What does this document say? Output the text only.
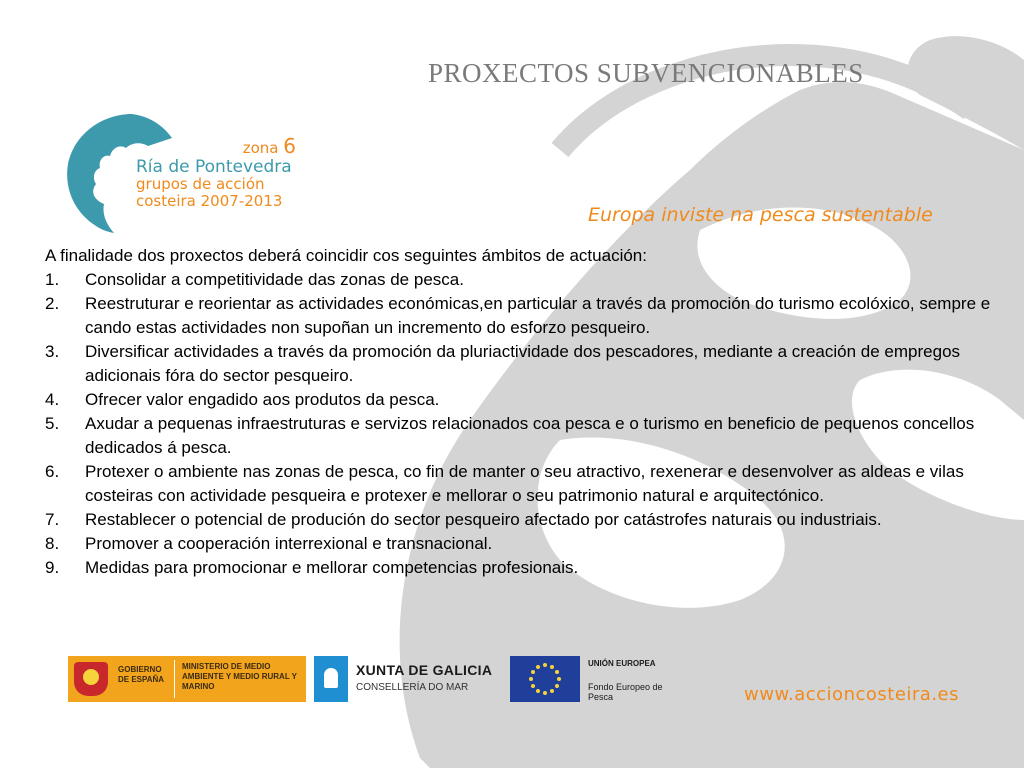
PROXECTOS SUBVENCIONABLES
zona 6
Ría de Pontevedra
grupos de acción
costeira 2007-2013
Europa inviste na pesca sustentable

A finalidade dos proxectos deberá coincidir cos seguintes ámbitos de actuación:

1. Consolidar a competitividade das zonas de pesca.
2. Reestruturar e reorientar as actividades económicas,en particular a través da promoción do turismo ecolóxico, sempre e cando estas actividades non supoñan un incremento do esforzo pesqueiro.
3. Diversificar actividades a través da promoción da pluriactividade dos pescadores, mediante a creación de empregos adicionais fóra do sector pesqueiro.
4. Ofrecer valor engadido aos produtos da pesca.
5. Axudar a pequenas infraestruturas e servizos relacionados coa pesca e o turismo en beneficio de pequenos concellos dedicados á pesca.
6. Protexer o ambiente nas zonas de pesca, co fin de manter o seu atractivo, rexenerar e desenvolver as aldeas e vilas costeiras con actividade pesqueira e protexer e mellorar o seu patrimonio natural e arquitectónico.
7. Restablecer o potencial de produción do sector pesqueiro afectado por catástrofes naturais ou industriais.
8. Promover a cooperación interrexional e transnacional.
9. Medidas para promocionar e mellorar competencias profesionais.
GOBIERNO DE ESPAÑA
MINISTERIO DE MEDIO AMBIENTE Y MEDIO RURAL Y MARINO
XUNTA DE GALICIA
CONSELLERÍA DO MAR
UNIÓN EUROPEA
Fondo Europeo de Pesca	www.accioncosteira.es
